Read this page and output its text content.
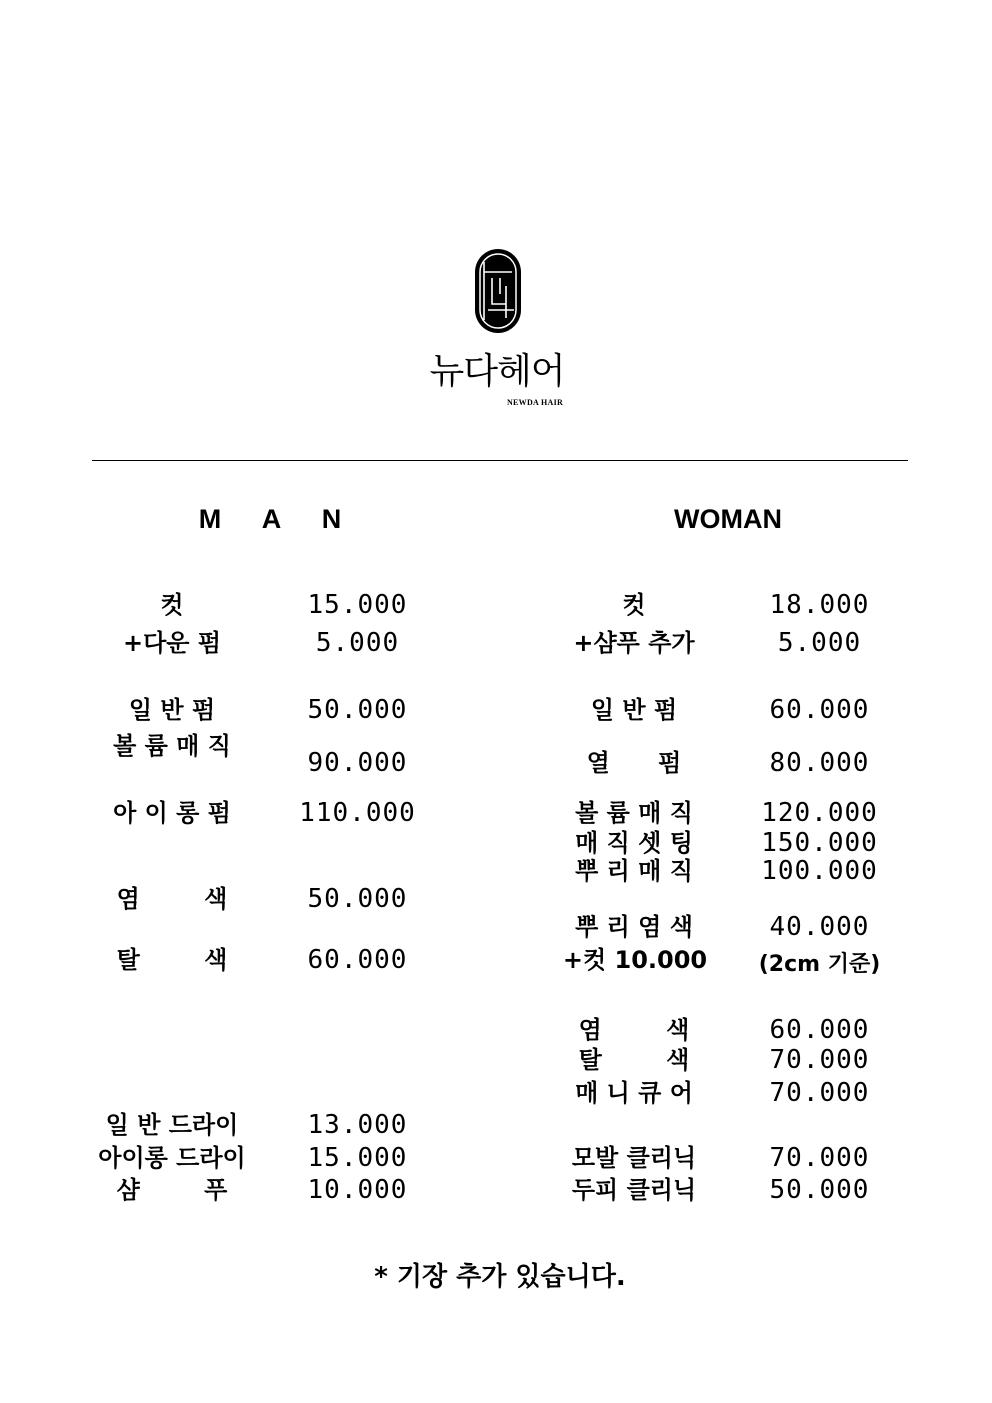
뉴다헤어
NEWDA HAIR
M A N	WOMAN
컷	15.000
+다운 펌	5.000
일 반 펌	50.000
볼 륨 매 직
90.000
아 이 롱 펌	110.000
염 색	50.000
탈 색	60.000
일 반 드라이	13.000
아이롱 드라이	15.000
샴 푸	10.000
컷	18.000
+샴푸 추가	5.000
일 반 펌	60.000
열 펌	80.000
볼 륨 매 직	120.000
매 직 셋 팅	150.000
뿌 리 매 직	100.000
뿌 리 염 색	40.000
+컷 10.000	(2cm 기준)
염 색	60.000
탈 색	70.000
매 니 큐 어	70.000
모발 클리닉	70.000
두피 클리닉	50.000
* 기장 추가 있습니다.
